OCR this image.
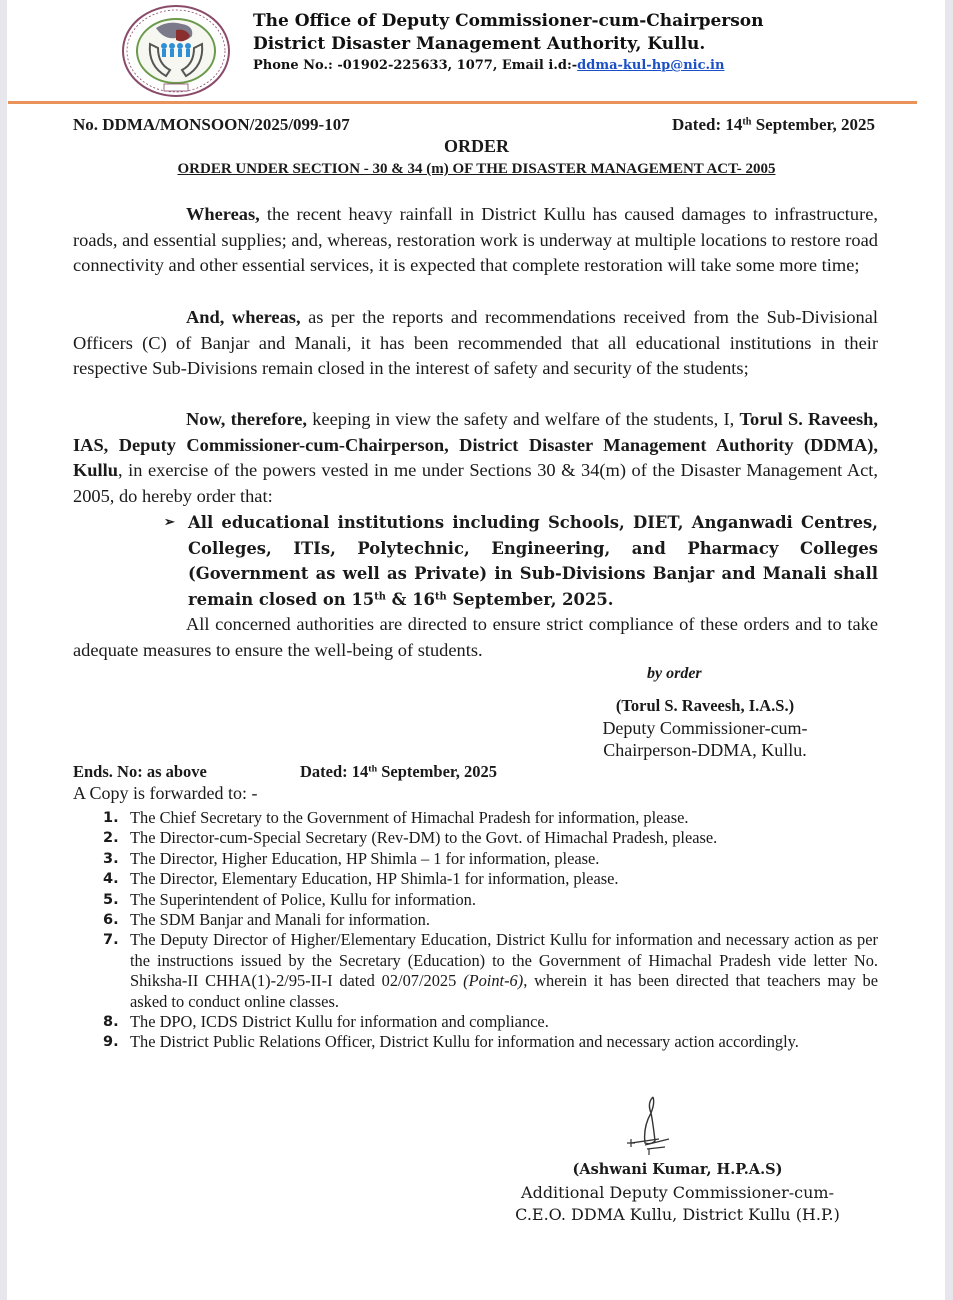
The Office of Deputy Commissioner-cum-Chairperson
District Disaster Management Authority, Kullu.
Phone No.: -01902-225633, 1077, Email i.d:-ddma-kul-hp@nic.in
No. DDMA/MONSOON/2025/099-107	Dated: 14th September, 2025
ORDER
ORDER UNDER SECTION - 30 & 34 (m) OF THE DISASTER MANAGEMENT ACT- 2005

Whereas, the recent heavy rainfall in District Kullu has caused damages to infrastructure, roads, and essential supplies; and, whereas, restoration work is underway at multiple locations to restore road connectivity and other essential services, it is expected that complete restoration will take some more time;

And, whereas, as per the reports and recommendations received from the Sub-Divisional Officers (C) of Banjar and Manali, it has been recommended that all educational institutions in their respective Sub-Divisions remain closed in the interest of safety and security of the students;

Now, therefore, keeping in view the safety and welfare of the students, I, Torul S. Raveesh, IAS, Deputy Commissioner-cum-Chairperson, District Disaster Management Authority (DDMA), Kullu, in exercise of the powers vested in me under Sections 30 & 34(m) of the Disaster Management Act, 2005, do hereby order that:

➢ All educational institutions including Schools, DIET, Anganwadi Centres, Colleges, ITIs, Polytechnic, Engineering, and Pharmacy Colleges (Government as well as Private) in Sub-Divisions Banjar and Manali shall remain closed on 15th & 16th September, 2025.

All concerned authorities are directed to ensure strict compliance of these orders and to take adequate measures to ensure the well-being of students.

by order
(Torul S. Raveesh, I.A.S.)
Deputy Commissioner-cum-
Chairperson-DDMA, Kullu.
Ends. No: as above	Dated: 14th September, 2025
A Copy is forwarded to: -
1. The Chief Secretary to the Government of Himachal Pradesh for information, please.
2. The Director-cum-Special Secretary (Rev-DM) to the Govt. of Himachal Pradesh, please.
3. The Director, Higher Education, HP Shimla – 1 for information, please.
4. The Director, Elementary Education, HP Shimla-1 for information, please.
5. The Superintendent of Police, Kullu for information.
6. The SDM Banjar and Manali for information.
7. The Deputy Director of Higher/Elementary Education, District Kullu for information and necessary action as per the instructions issued by the Secretary (Education) to the Government of Himachal Pradesh vide letter No. Shiksha-II CHHA(1)-2/95-II-I dated 02/07/2025 (Point-6), wherein it has been directed that teachers may be asked to conduct online classes.
8. The DPO, ICDS District Kullu for information and compliance.
9. The District Public Relations Officer, District Kullu for information and necessary action accordingly.
(Ashwani Kumar, H.P.A.S)
Additional Deputy Commissioner-cum-
C.E.O. DDMA Kullu, District Kullu (H.P.)
